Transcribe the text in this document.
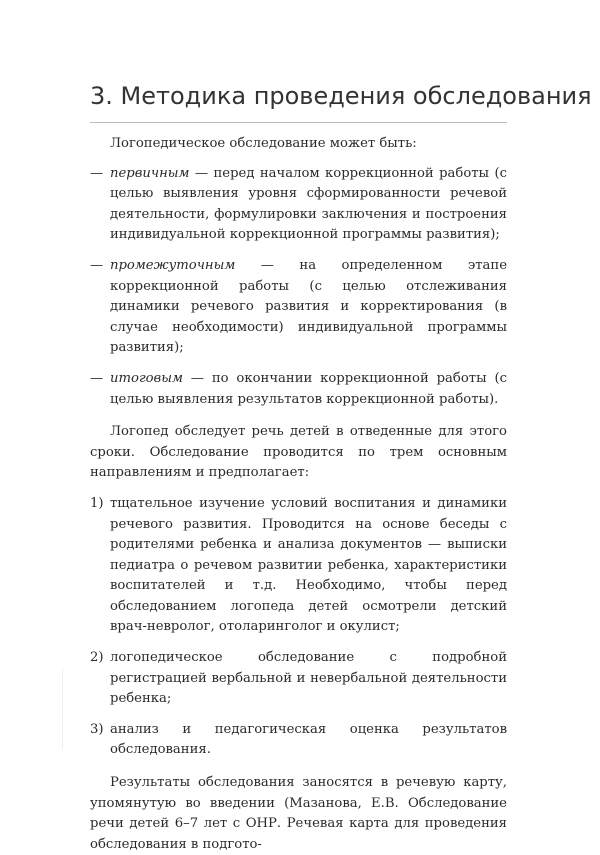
3. Методика проведения обследования

Логопедическое обследование может быть:

— первичным — перед началом коррекционной работы (с целью выявления уровня сформированности речевой деятельности, формулировки заключения и построения индивидуальной коррекционной программы развития);

— промежуточным — на определенном этапе коррекционной работы (с целью отслеживания динамики речевого развития и корректирования (в случае необходимости) индивидуальной программы развития);

— итоговым — по окончании коррекционной работы (с целью выявления результатов коррекционной работы).

Логопед обследует речь детей в отведенные для этого сроки. Обследование проводится по трем основным направлениям и предполагает:

1) тщательное изучение условий воспитания и динамики речевого развития. Проводится на основе беседы с родителями ребенка и анализа документов — выписки педиатра о речевом развитии ребенка, характеристики воспитателей и т.д. Необходимо, чтобы перед обследованием логопеда детей осмотрели детский врач-невролог, отоларинголог и окулист;

2) логопедическое обследование с подробной регистрацией вербальной и невербальной деятельности ребенка;

3) анализ и педагогическая оценка результатов обследования.

Результаты обследования заносятся в речевую карту, упомянутую во введении (Мазанова, Е.В. Обследование речи детей 6–7 лет с ОНР. Речевая карта для проведения обследования в подгото-
